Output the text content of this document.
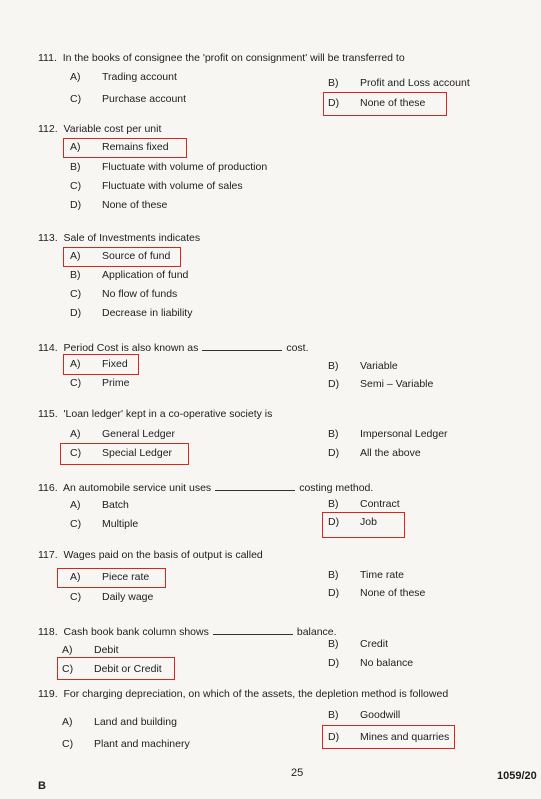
111. In the books of consignee the 'profit on consignment' will be transferred to
A) Trading account	B) Profit and Loss account
C) Purchase account	D) None of these
112. Variable cost per unit
A) Remains fixed
B) Fluctuate with volume of production
C) Fluctuate with volume of sales
D) None of these
113. Sale of Investments indicates
A) Source of fund
B) Application of fund
C) No flow of funds
D) Decrease in liability
114. Period Cost is also known as	cost.
A) Fixed	B) Variable
C) Prime	D) Semi – Variable
115. 'Loan ledger' kept in a co-operative society is
A) General Ledger	B) Impersonal Ledger
C) Special Ledger	D) All the above
116. An automobile service unit uses	costing method.
A) Batch	B) Contract
C) Multiple	D) Job
117. Wages paid on the basis of output is called
A) Piece rate	B) Time rate
C) Daily wage	D) None of these
118. Cash book bank column shows	balance.
A) Debit	B) Credit
C) Debit or Credit	D) No balance
119. For charging depreciation, on which of the assets, the depletion method is followed
A) Land and building
B) Goodwill
C) Plant and machinery
D) Mines and quarries
25	1059/20
B
